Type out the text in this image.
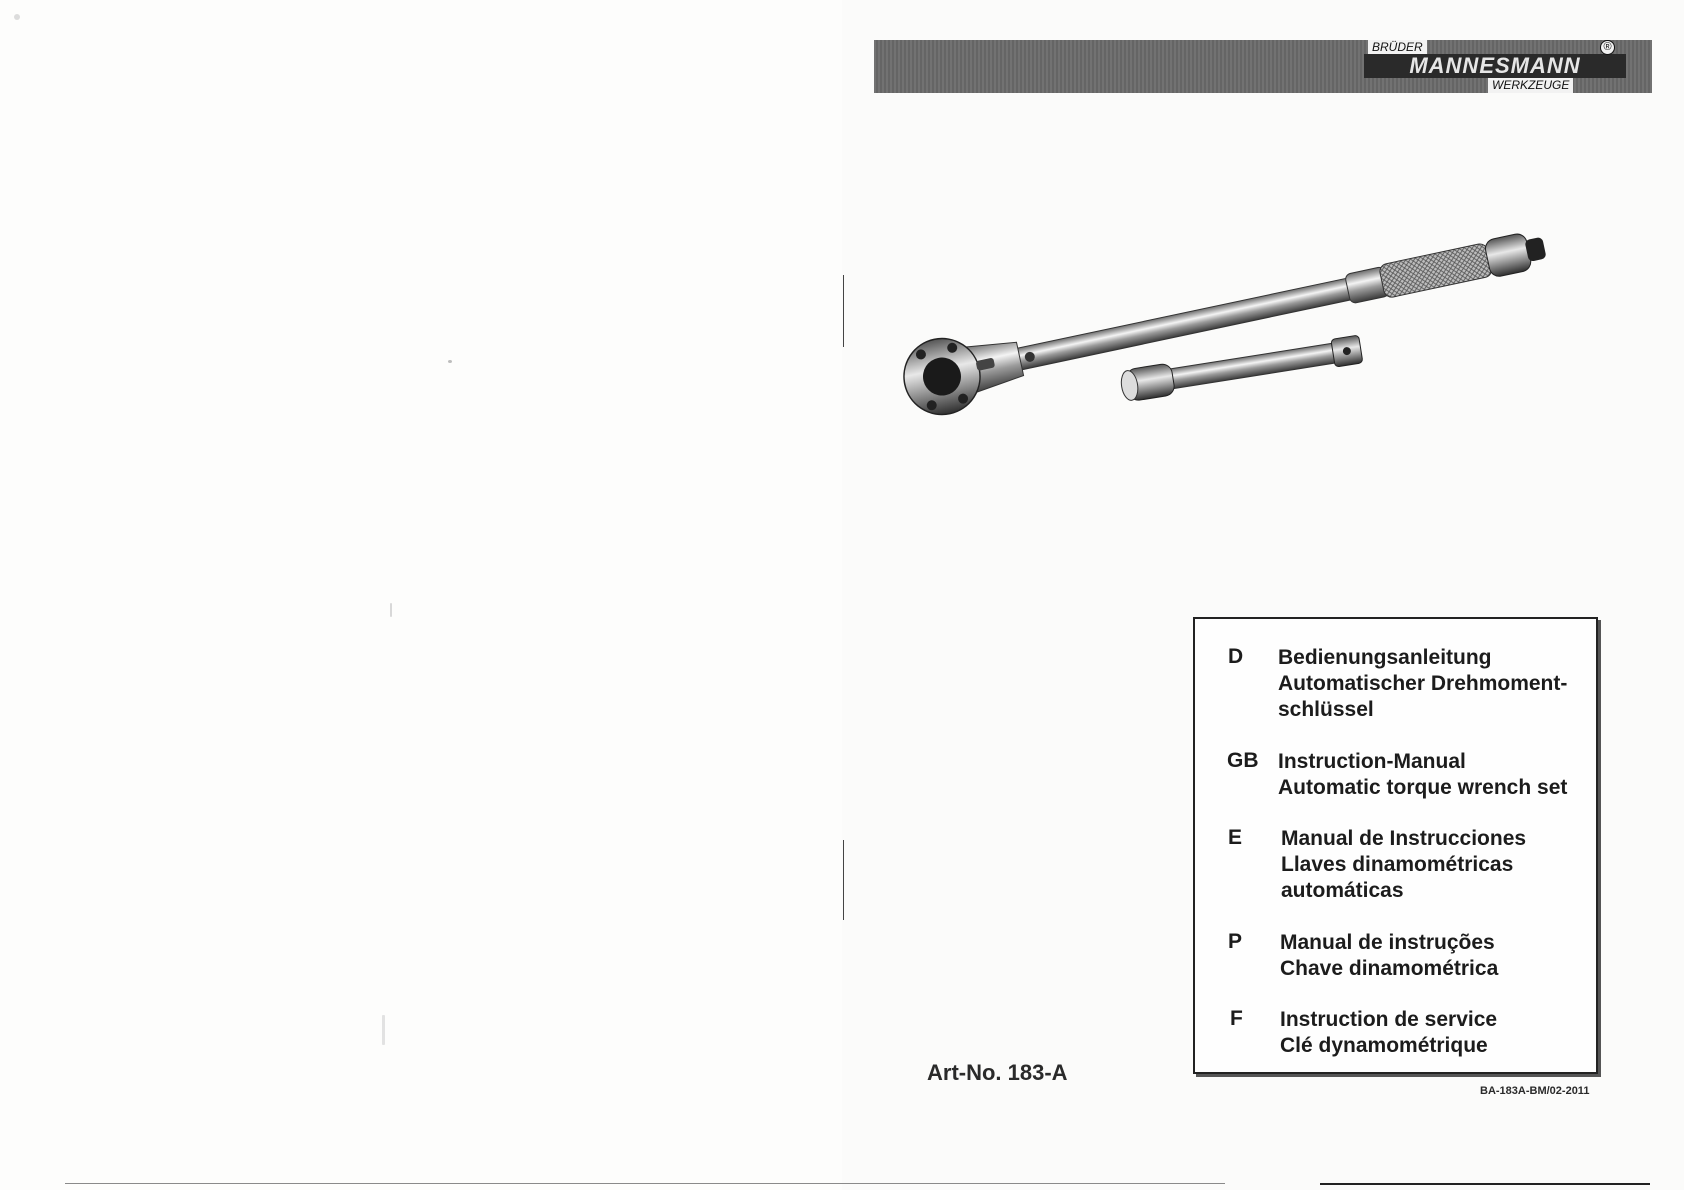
BRÜDER
MANNESMANN
®
WERKZEUGE
D Bedienungsanleitung
Automatischer Drehmoment-
schlüssel
GB Instruction-Manual
Automatic torque wrench set
E Manual de Instrucciones
Llaves dinamométricas
automáticas
P Manual de instruções
Chave dinamométrica
F Instruction de service
Clé dynamométrique
Art-No. 183-A
BA-183A-BM/02-2011
